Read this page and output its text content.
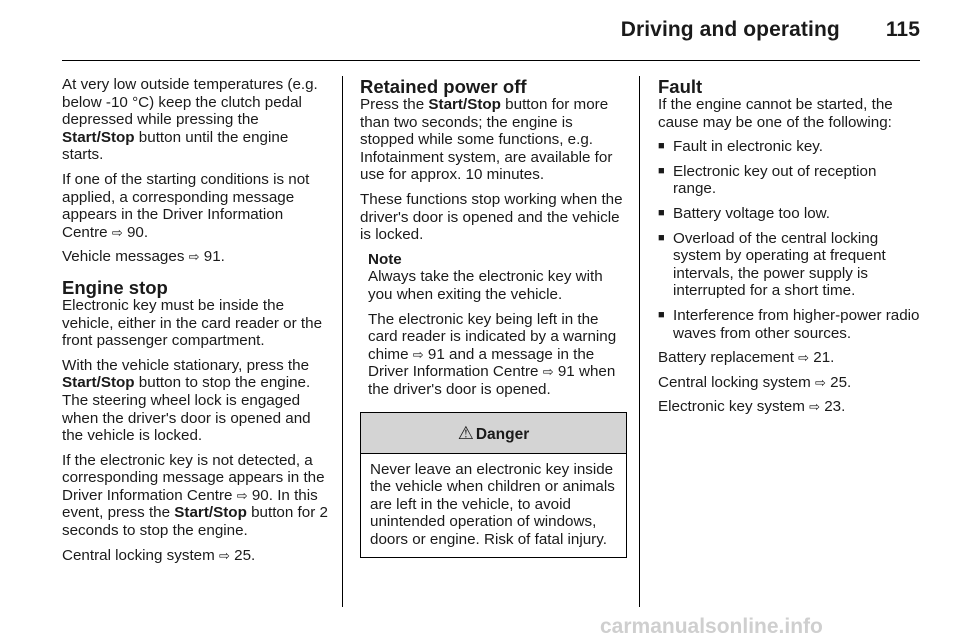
Driving and operating 115

At very low outside temperatures (e.g. below -10 °C) keep the clutch pedal depressed while pressing the Start/Stop button until the engine starts.

If one of the starting conditions is not applied, a corresponding message appears in the Driver Information Centre ⇨ 90.

Vehicle messages ⇨ 91.

Engine stop

Electronic key must be inside the vehicle, either in the card reader or the front passenger compartment.

With the vehicle stationary, press the Start/Stop button to stop the engine. The steering wheel lock is engaged when the driver's door is opened and the vehicle is locked.

If the electronic key is not detected, a corresponding message appears in the Driver Information Centre ⇨ 90. In this event, press the Start/Stop button for 2 seconds to stop the engine.

Central locking system ⇨ 25.

Retained power off

Press the Start/Stop button for more than two seconds; the engine is stopped while some functions, e.g. Infotainment system, are available for use for approx. 10 minutes.

These functions stop working when the driver's door is opened and the vehicle is locked.

Note

Always take the electronic key with you when exiting the vehicle.

The electronic key being left in the card reader is indicated by a warning chime ⇨ 91 and a message in the Driver Information Centre ⇨ 91 when the driver's door is opened.

⚠ Danger
Never leave an electronic key inside the vehicle when children or animals are left in the vehicle, to avoid unintended operation of windows, doors or engine. Risk of fatal injury.
Fault

If the engine cannot be started, the cause may be one of the following:

■ Fault in electronic key.
■ Electronic key out of reception range.
■ Battery voltage too low.
■ Overload of the central locking system by operating at frequent intervals, the power supply is interrupted for a short time.
■ Interference from higher-power radio waves from other sources.

Battery replacement ⇨ 21.

Central locking system ⇨ 25.

Electronic key system ⇨ 23.

carmanualsonline.info
